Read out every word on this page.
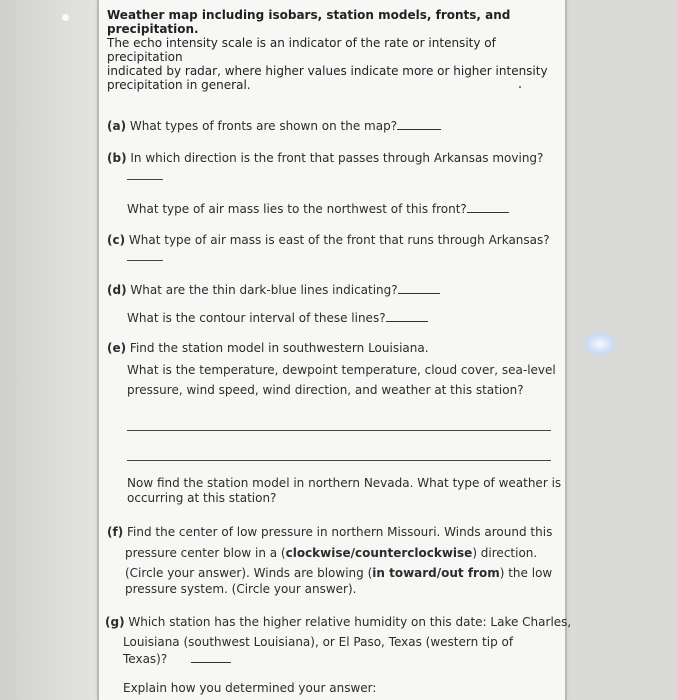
Weather map including isobars, station models, fronts, and precipitation.
The echo intensity scale is an indicator of the rate or intensity of precipitation
indicated by radar, where higher values indicate more or higher intensity
precipitation in general.
(a) What types of fronts are shown on the map?
(b) In which direction is the front that passes through Arkansas moving?
What type of air mass lies to the northwest of this front?
(c) What type of air mass is east of the front that runs through Arkansas?
(d) What are the thin dark-blue lines indicating?
What is the contour interval of these lines?
(e) Find the station model in southwestern Louisiana.
What is the temperature, dewpoint temperature, cloud cover, sea-level
pressure, wind speed, wind direction, and weather at this station?
Now find the station model in northern Nevada. What type of weather is
occurring at this station?
(f) Find the center of low pressure in northern Missouri. Winds around this
pressure center blow in a (clockwise/counterclockwise) direction.
(Circle your answer). Winds are blowing (in toward/out from) the low
pressure system. (Circle your answer).
(g) Which station has the higher relative humidity on this date: Lake Charles,
Louisiana (southwest Louisiana), or El Paso, Texas (western tip of
Texas)?
Explain how you determined your answer:
